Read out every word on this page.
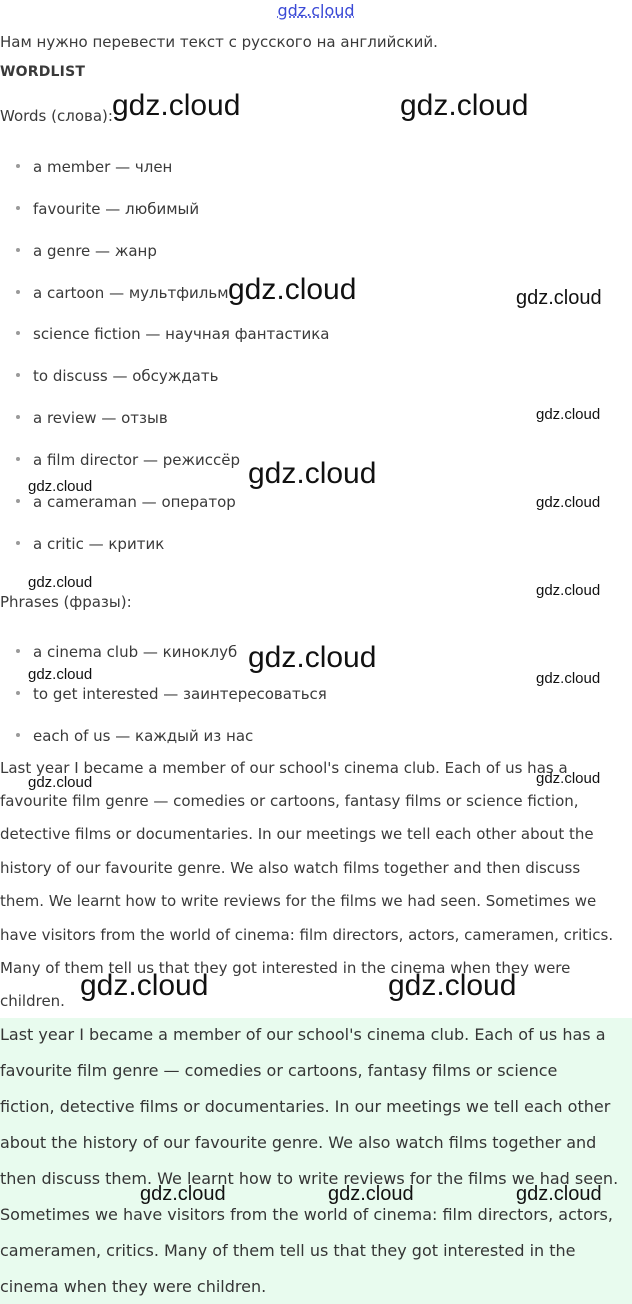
gdz.cloud
Нам нужно перевести текст с русского на английский.
WORDLIST
Words (слова):
a member — член
favourite — любимый
a genre — жанр
a cartoon — мультфильм
science fiction — научная фантастика
to discuss — обсуждать
a review — отзыв
a film director — режиссёр
a cameraman — оператор
a critic — критик
Phrases (фразы):
a cinema club — киноклуб
to get interested — заинтересоваться
each of us — каждый из нас
Last year I became a member of our school's cinema club. Each of us has a
favourite film genre — comedies or cartoons, fantasy films or science fiction,
detective films or documentaries. In our meetings we tell each other about the
history of our favourite genre. We also watch films together and then discuss
them. We learnt how to write reviews for the films we had seen. Sometimes we
have visitors from the world of cinema: film directors, actors, cameramen, critics.
Many of them tell us that they got interested in the cinema when they were
children.
Last year I became a member of our school's cinema club. Each of us has a
favourite film genre — comedies or cartoons, fantasy films or science
fiction, detective films or documentaries. In our meetings we tell each other
about the history of our favourite genre. We also watch films together and
then discuss them. We learnt how to write reviews for the films we had seen.
Sometimes we have visitors from the world of cinema: film directors, actors,
cameramen, critics. Many of them tell us that they got interested in the
cinema when they were children.
gdz.cloud	gdz.cloud
gdz.cloud	gdz.cloud
gdz.cloud
gdz.cloud
gdz.cloud
gdz.cloud
gdz.cloud	gdz.cloud
gdz.cloud
gdz.cloud	gdz.cloud
gdz.cloud	gdz.cloud
gdz.cloud	gdz.cloud
gdz.cloud	gdz.cloud	gdz.cloud
